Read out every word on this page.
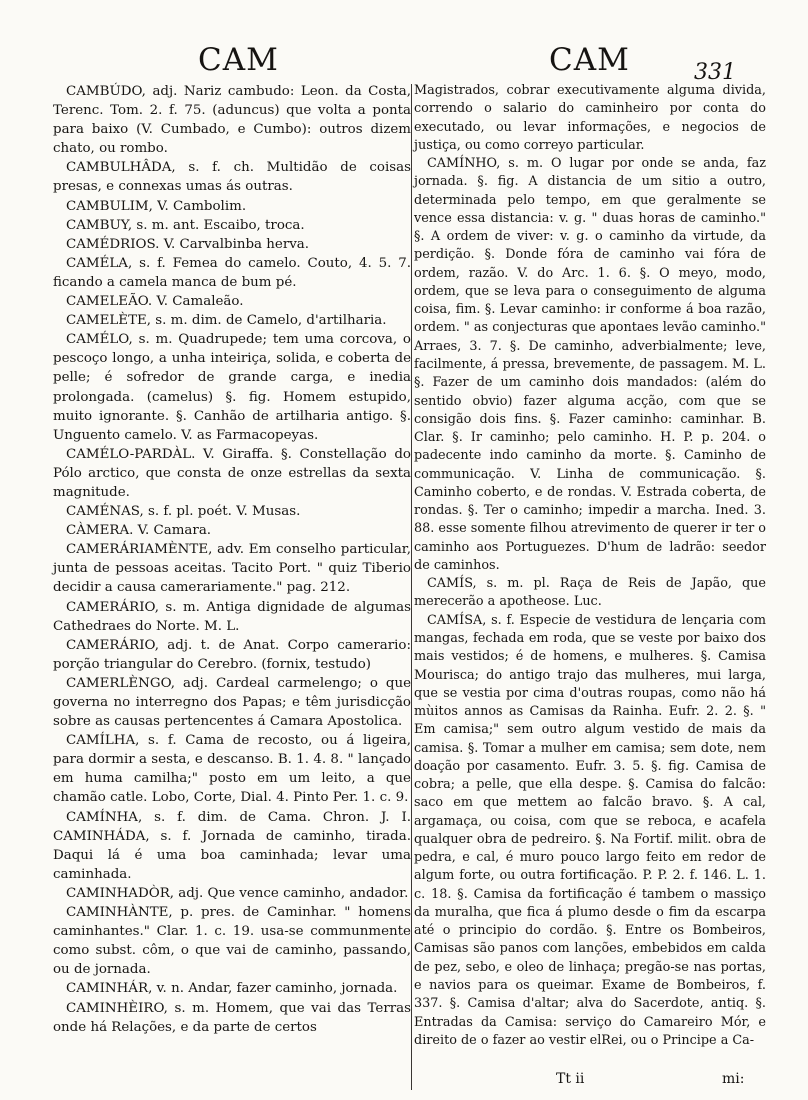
CAM	CAM	331

CAMBÚDO, adj. Nariz cambudo: Leon. da Costa, Terenc. Tom. 2. f. 75. (aduncus) que volta a ponta para baixo (V. Cumbado, e Cumbo): outros dizem chato, ou rombo.

CAMBULHÂDA, s. f. ch. Multidão de coisas presas, e connexas umas ás outras.

CAMBULIM, V. Cambolim.

CAMBUY, s. m. ant. Escaibo, troca.

CAMÉDRIOS. V. Carvalbinba herva.

CAMÉLA, s. f. Femea do camelo. Couto, 4. 5. 7. ficando a camela manca de bum pé.

CAMELEÃO. V. Camaleão.

CAMELÈTE, s. m. dim. de Camelo, d'artilharia.

CAMÉLO, s. m. Quadrupede; tem uma corcova, o pescoço longo, a unha inteiriça, solida, e coberta de pelle; é sofredor de grande carga, e inedia prolongada. (camelus) §. fig. Homem estupido, muito ignorante. §. Canhão de artilharia antigo. §. Unguento camelo. V. as Farmacopeyas.

CAMÉLO-PARDÀL. V. Giraffa. §. Constellação do Pólo arctico, que consta de onze estrellas da sexta magnitude.

CAMÉNAS, s. f. pl. poét. V. Musas.

CÀMERA. V. Camara.

CAMERÁRIAMÈNTE, adv. Em conselho particular, junta de pessoas aceitas. Tacito Port. " quiz Tiberio decidir a causa camerariamente." pag. 212.

CAMERÁRIO, s. m. Antiga dignidade de algumas Cathedraes do Norte. M. L.

CAMERÁRIO, adj. t. de Anat. Corpo camerario: porção triangular do Cerebro. (fornix, testudo)

CAMERLÈNGO, adj. Cardeal carmelengo; o que governa no interregno dos Papas; e têm jurisdicção sobre as causas pertencentes á Camara Apostolica.

CAMÍLHA, s. f. Cama de recosto, ou á ligeira, para dormir a sesta, e descanso. B. 1. 4. 8. " lançado em huma camilha;" posto em um leito, a que chamão catle. Lobo, Corte, Dial. 4. Pinto Per. 1. c. 9.

CAMÍNHA, s. f. dim. de Cama. Chron. J. I. CAMINHÁDA, s. f. Jornada de caminho, tirada. Daqui lá é uma boa caminhada; levar uma caminhada.

CAMINHADÒR, adj. Que vence caminho, andador.

CAMINHÀNTE, p. pres. de Caminhar. " homens caminhantes." Clar. 1. c. 19. usa-se communmente como subst. côm, o que vai de caminho, passando, ou de jornada.

CAMINHÁR, v. n. Andar, fazer caminho, jornada.

CAMINHÈIRO, s. m. Homem, que vai das Terras onde há Relações, e da parte de certos

Magistrados, cobrar executivamente alguma divida, correndo o salario do caminheiro por conta do executado, ou levar informações, e negocios de justiça, ou como correyo particular.

CAMÍNHO, s. m. O lugar por onde se anda, faz jornada. §. fig. A distancia de um sitio a outro, determinada pelo tempo, em que geralmente se vence essa distancia: v. g. " duas horas de caminho." §. A ordem de viver: v. g. o caminho da virtude, da perdição. §. Donde fóra de caminho vai fóra de ordem, razão. V. do Arc. 1. 6. §. O meyo, modo, ordem, que se leva para o conseguimento de alguma coisa, fim. §. Levar caminho: ir conforme á boa razão, ordem. " as conjecturas que apontaes levão caminho." Arraes, 3. 7. §. De caminho, adverbialmente; leve, facilmente, á pressa, brevemente, de passagem. M. L. §. Fazer de um caminho dois mandados: (além do sentido obvio) fazer alguma acção, com que se consigão dois fins. §. Fazer caminho: caminhar. B. Clar. §. Ir caminho; pelo caminho. H. P. p. 204. o padecente indo caminho da morte. §. Caminho de communicação. V. Linha de communicação. §. Caminho coberto, e de rondas. V. Estrada coberta, de rondas. §. Ter o caminho; impedir a marcha. Ined. 3. 88. esse somente filhou atrevimento de querer ir ter o caminho aos Portuguezes. D'hum de ladrão: seedor de caminhos.

CAMÍS, s. m. pl. Raça de Reis de Japão, que merecerão a apotheose. Luc.

CAMÍSA, s. f. Especie de vestidura de lençaria com mangas, fechada em roda, que se veste por baixo dos mais vestidos; é de homens, e mulheres. §. Camisa Mourisca; do antigo trajo das mulheres, mui larga, que se vestia por cima d'outras roupas, como não há mùitos annos as Camisas da Rainha. Eufr. 2. 2. §. " Em camisa;" sem outro algum vestido de mais da camisa. §. Tomar a mulher em camisa; sem dote, nem doação por casamento. Eufr. 3. 5. §. fig. Camisa de cobra; a pelle, que ella despe. §. Camisa do falcão: saco em que mettem ao falcão bravo. §. A cal, argamaça, ou coisa, com que se reboca, e acafela qualquer obra de pedreiro. §. Na Fortif. milit. obra de pedra, e cal, é muro pouco largo feito em redor de algum forte, ou outra fortificação. P. P. 2. f. 146. L. 1. c. 18. §. Camisa da fortificação é tambem o massiço da muralha, que fica á plumo desde o fim da escarpa até o principio do cordão. §. Entre os Bombeiros, Camisas são panos com lanções, embebidos em calda de pez, sebo, e oleo de linhaça; pregão-se nas portas, e navios para os queimar. Exame de Bombeiros, f. 337. §. Camisa d'altar; alva do Sacerdote, antiq. §. Entradas da Camisa: serviço do Camareiro Mór, e direito de o fazer ao vestir elRei, ou o Principe a Ca-

Tt ii	mi:
